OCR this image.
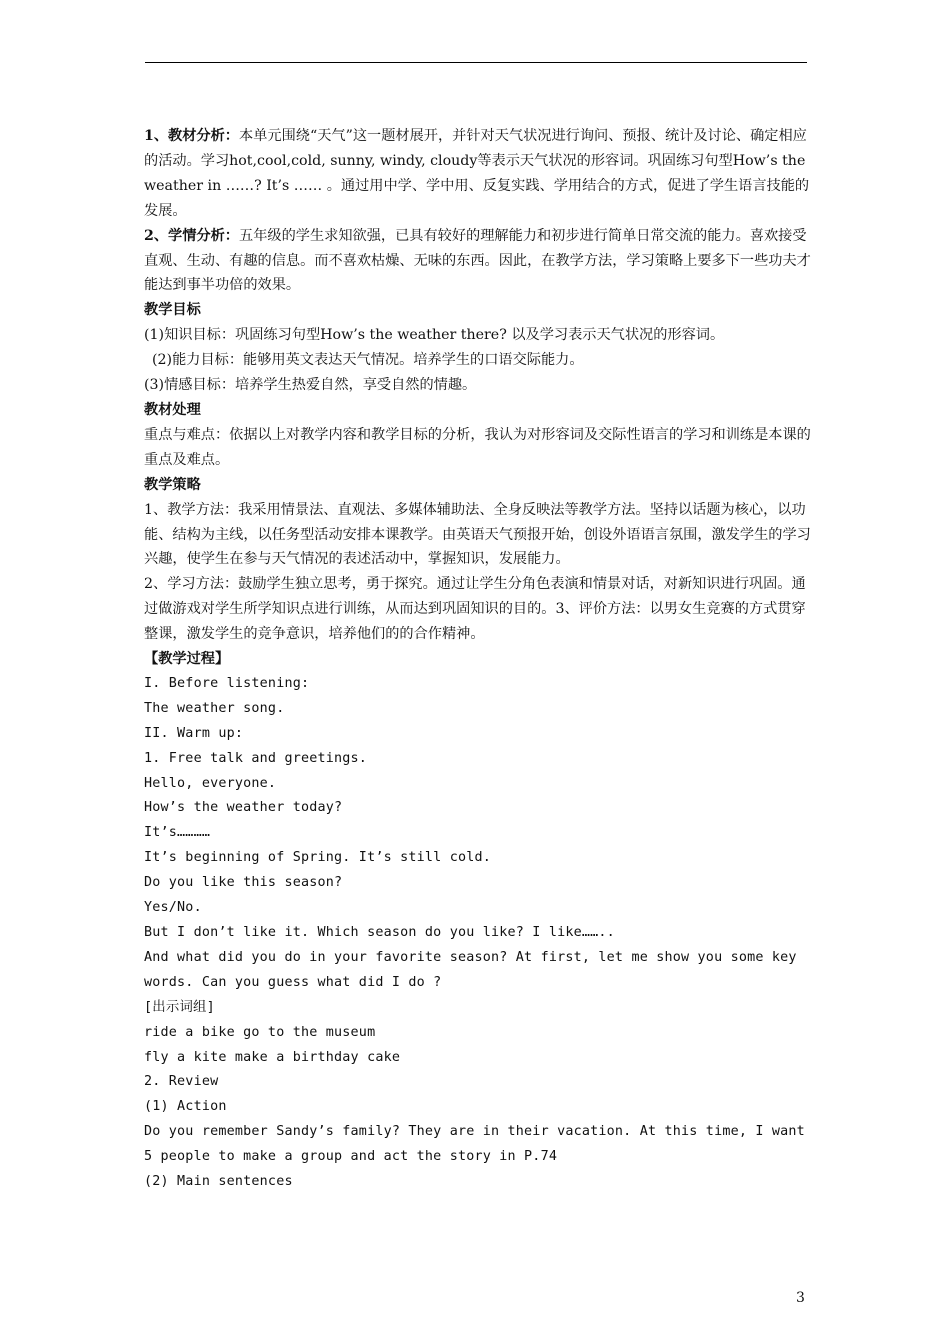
1、教材分析：本单元围绕“天气”这一题材展开，并针对天气状况进行询问、预报、统计及讨论、确定相应的活动。学习hot,cool,cold, sunny, windy, cloudy等表示天气状况的形容词。巩固练习句型How’s the weather in ……? It’s …… 。通过用中学、学中用、反复实践、学用结合的方式，促进了学生语言技能的发展。

2、学情分析：五年级的学生求知欲强，已具有较好的理解能力和初步进行简单日常交流的能力。喜欢接受直观、生动、有趣的信息。而不喜欢枯燥、无味的东西。因此，在教学方法，学习策略上要多下一些功夫才能达到事半功倍的效果。

教学目标

(1)知识目标：巩固练习句型How’s the weather there? 以及学习表示天气状况的形容词。

(2)能力目标：能够用英文表达天气情况。培养学生的口语交际能力。

(3)情感目标：培养学生热爱自然，享受自然的情趣。

教材处理

重点与难点：依据以上对教学内容和教学目标的分析，我认为对形容词及交际性语言的学习和训练是本课的重点及难点。

教学策略

1、教学方法：我采用情景法、直观法、多媒体辅助法、全身反映法等教学方法。坚持以话题为核心，以功能、结构为主线，以任务型活动安排本课教学。由英语天气预报开始，创设外语语言氛围，激发学生的学习兴趣，使学生在参与天气情况的表述活动中，掌握知识，发展能力。

2、学习方法：鼓励学生独立思考，勇于探究。通过让学生分角色表演和情景对话，对新知识进行巩固。通过做游戏对学生所学知识点进行训练，从而达到巩固知识的目的。3、评价方法：以男女生竞赛的方式贯穿整课，激发学生的竞争意识，培养他们的的合作精神。

【教学过程】

I. Before listening:

The weather song.

II. Warm up:

1. Free talk and greetings.

Hello, everyone.

How’s the weather today?

It’s…………

It’s beginning of Spring. It’s still cold.

Do you like this season?

Yes/No.

But I don’t like it. Which season do you like? I like……..

And what did you do in your favorite season? At first, let me show you some key words. Can you guess what did I do ?

[出示词组]

ride a bike go to the museum

fly a kite make a birthday cake

2. Review

(1) Action

Do you remember Sandy’s family? They are in their vacation. At this time, I want 5 people to make a group and act the story in P.74

(2) Main sentences

3
